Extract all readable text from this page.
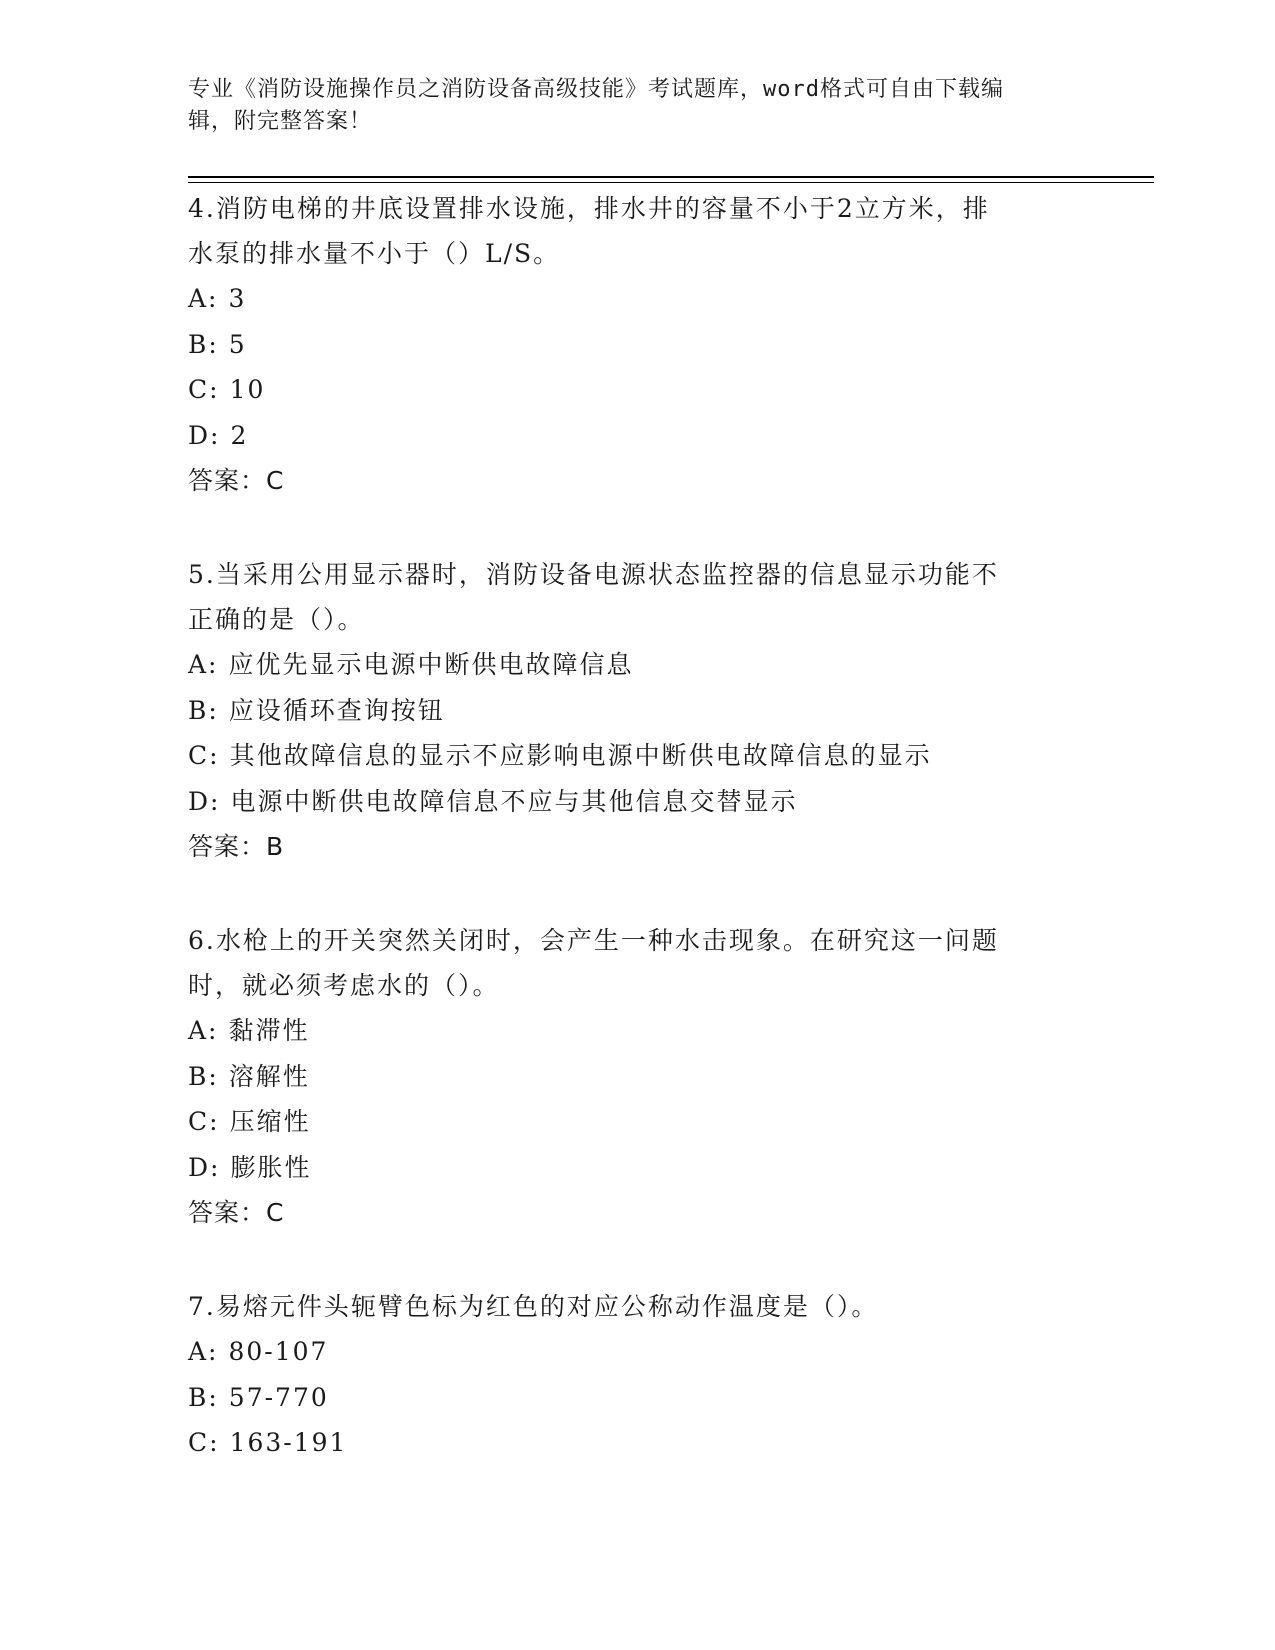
专业《消防设施操作员之消防设备高级技能》考试题库，word格式可自由下载编
辑，附完整答案！
4.消防电梯的井底设置排水设施，排水井的容量不小于2立方米，排
水泵的排水量不小于（）L/S。
A: 3
B: 5
C: 10
D: 2
答案：C
5.当采用公用显示器时，消防设备电源状态监控器的信息显示功能不
正确的是（）。
A: 应优先显示电源中断供电故障信息
B: 应设循环查询按钮
C: 其他故障信息的显示不应影响电源中断供电故障信息的显示
D: 电源中断供电故障信息不应与其他信息交替显示
答案：B
6.水枪上的开关突然关闭时，会产生一种水击现象。在研究这一问题
时，就必须考虑水的（）。
A: 黏滞性
B: 溶解性
C: 压缩性
D: 膨胀性
答案：C
7.易熔元件头轭臂色标为红色的对应公称动作温度是（）。
A: 80-107
B: 57-770
C: 163-191
